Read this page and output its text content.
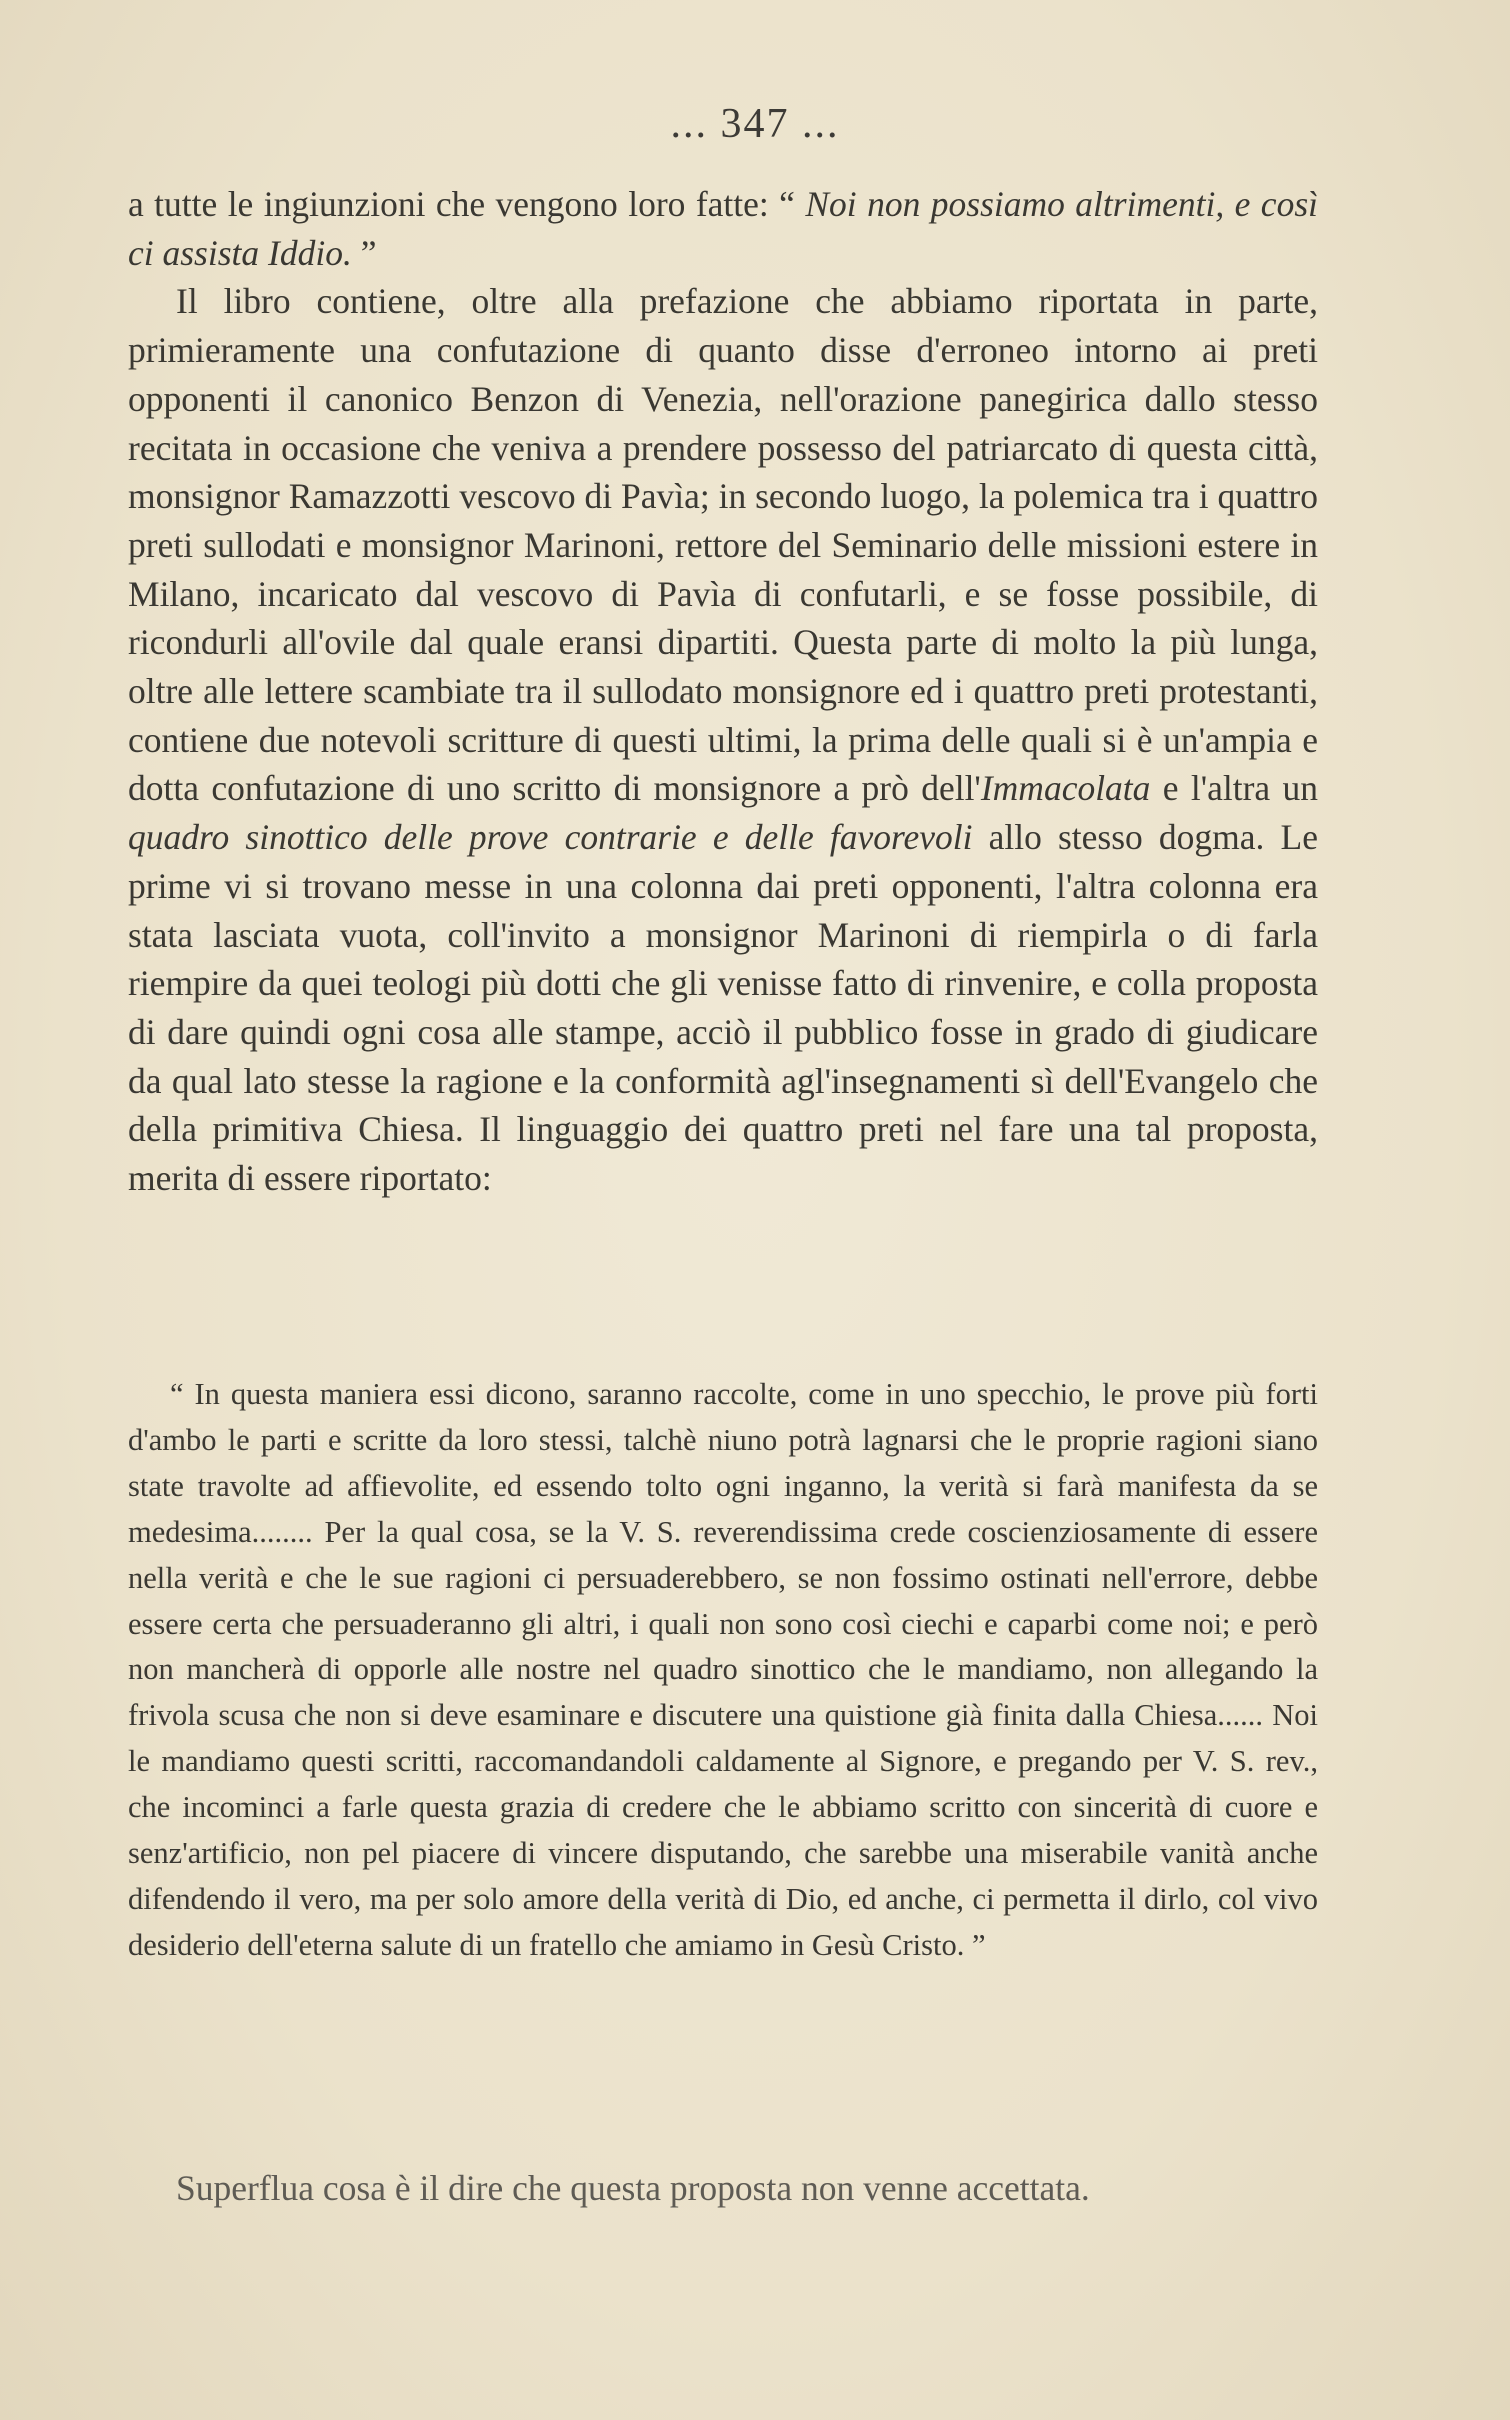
... 347 ...

a tutte le ingiunzioni che vengono loro fatte: “ Noi non possiamo altrimenti, e così ci assista Iddio. ”

Il libro contiene, oltre alla prefazione che abbiamo riportata in parte, primieramente una confutazione di quanto disse d'erroneo intorno ai preti opponenti il canonico Benzon di Venezia, nell'orazione panegirica dallo stesso recitata in occasione che veniva a prendere possesso del patriarcato di questa città, monsignor Ramazzotti vescovo di Pavìa; in secondo luogo, la polemica tra i quattro preti sullodati e monsignor Marinoni, rettore del Seminario delle missioni estere in Milano, incaricato dal vescovo di Pavìa di confutarli, e se fosse possibile, di ricondurli all'ovile dal quale eransi dipartiti. Questa parte di molto la più lunga, oltre alle lettere scambiate tra il sullodato monsignore ed i quattro preti protestanti, contiene due notevoli scritture di questi ultimi, la prima delle quali si è un'ampia e dotta confutazione di uno scritto di monsignore a prò dell'Immacolata e l'altra un quadro sinottico delle prove contrarie e delle favorevoli allo stesso dogma. Le prime vi si trovano messe in una colonna dai preti opponenti, l'altra colonna era stata lasciata vuota, coll'invito a monsignor Marinoni di riempirla o di farla riempire da quei teologi più dotti che gli venisse fatto di rinvenire, e colla proposta di dare quindi ogni cosa alle stampe, acciò il pubblico fosse in grado di giudicare da qual lato stesse la ragione e la conformità agl'insegnamenti sì dell'Evangelo che della primitiva Chiesa. Il linguaggio dei quattro preti nel fare una tal proposta, merita di essere riportato:

“ In questa maniera essi dicono, saranno raccolte, come in uno specchio, le prove più forti d'ambo le parti e scritte da loro stessi, talchè niuno potrà lagnarsi che le proprie ragioni siano state travolte ad affievolite, ed essendo tolto ogni inganno, la verità si farà manifesta da se medesima........ Per la qual cosa, se la V. S. reverendissima crede coscienziosamente di essere nella verità e che le sue ragioni ci persuaderebbero, se non fossimo ostinati nell'errore, debbe essere certa che persuaderanno gli altri, i quali non sono così ciechi e caparbi come noi; e però non mancherà di opporle alle nostre nel quadro sinottico che le mandiamo, non allegando la frivola scusa che non si deve esaminare e discutere una quistione già finita dalla Chiesa...... Noi le mandiamo questi scritti, raccomandandoli caldamente al Signore, e pregando per V. S. rev., che incominci a farle questa grazia di credere che le abbiamo scritto con sincerità di cuore e senz'artificio, non pel piacere di vincere disputando, che sarebbe una miserabile vanità anche difendendo il vero, ma per solo amore della verità di Dio, ed anche, ci permetta il dirlo, col vivo desiderio dell'eterna salute di un fratello che amiamo in Gesù Cristo. ”

Superflua cosa è il dire che questa proposta non venne accettata.
